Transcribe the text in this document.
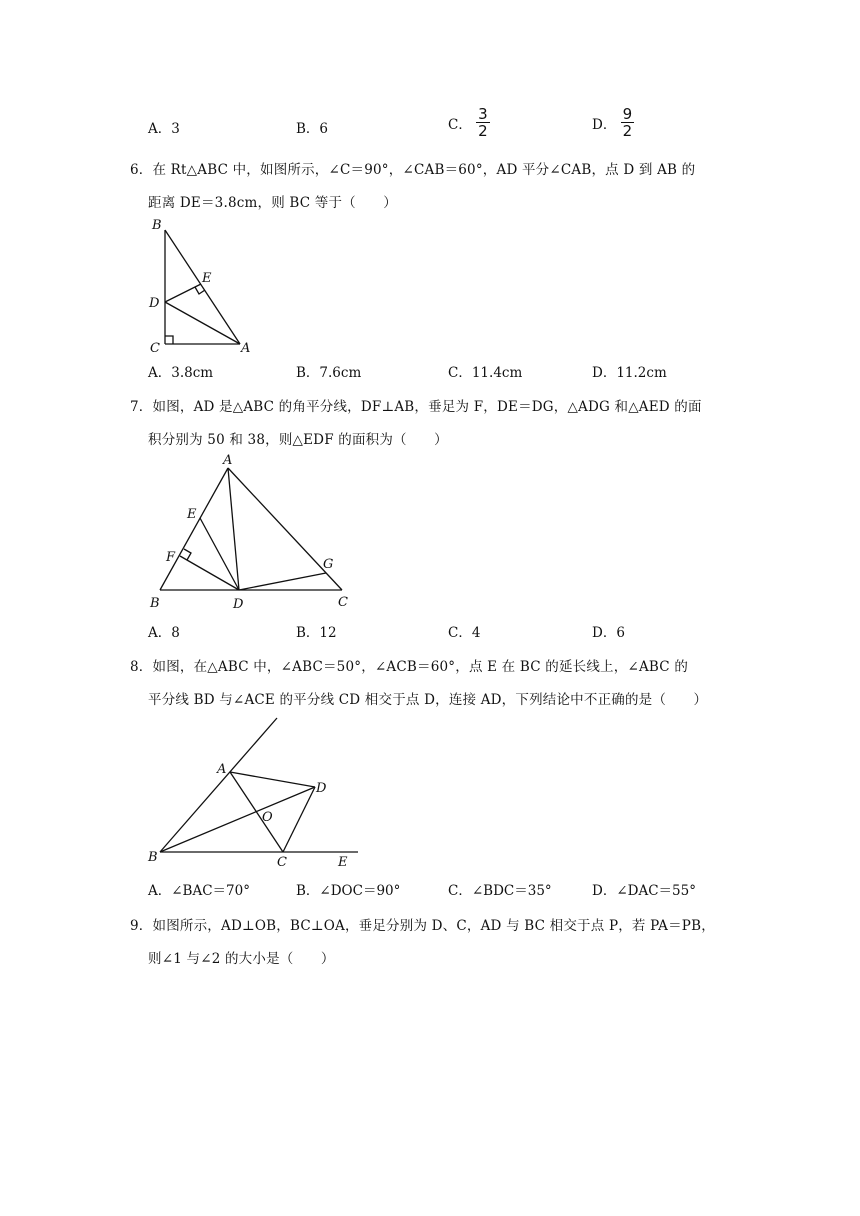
A．3	B．6	C． $\frac{3}{2}$	D． $\frac{9}{2}$
6．在 Rt△ABC 中，如图所示，∠C＝90°，∠CAB＝60°，AD 平分∠CAB，点 D 到 AB 的
距离 DE＝3.8cm，则 BC 等于（　　）
B
E
D
C	A
A．3.8cm	B．7.6cm	C．11.4cm	D．11.2cm
7．如图，AD 是△ABC 的角平分线，DF⊥AB，垂足为 F，DE＝DG，△ADG 和△AED 的面
积分别为 50 和 38，则△EDF 的面积为（　　）
A
E
F	G
B	D	C
A．8	B．12	C．4	D．6
8．如图，在△ABC 中，∠ABC＝50°，∠ACB＝60°，点 E 在 BC 的延长线上，∠ABC 的
平分线 BD 与∠ACE 的平分线 CD 相交于点 D，连接 AD，下列结论中不正确的是（　　）
A
D
O
B	C	E
A．∠BAC＝70°	B．∠DOC＝90°	C．∠BDC＝35°	D．∠DAC＝55°
9．如图所示，AD⊥OB，BC⊥OA，垂足分别为 D、C，AD 与 BC 相交于点 P，若 PA＝PB，
则∠1 与∠2 的大小是（　　）
